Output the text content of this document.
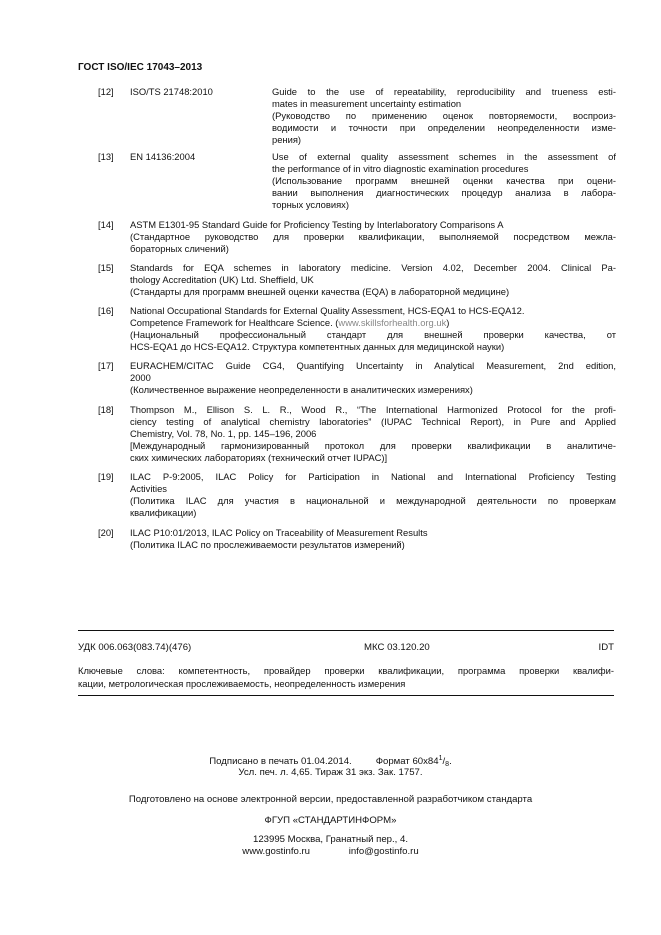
ГОСТ ISO/IEC 17043–2013
[12]	ISO/TS 21748:2010	Guide to the use of repeatability, reproducibility and trueness esti-
mates in measurement uncertainty estimation
(Руководство по применению оценок повторяемости, воспроиз-
водимости и точности при определении неопределенности изме-
рения)
[13]	EN 14136:2004	Use of external quality assessment schemes in the assessment of
the performance of in vitro diagnostic examination procedures
(Использование программ внешней оценки качества при оцени-
вании выполнения диагностических процедур анализа в лабора-
торных условиях)
[14]	ASTM E1301-95 Standard Guide for Proficiency Testing by Interlaboratory Comparisons A
(Стандартное руководство для проверки квалификации, выполняемой посредством межла-
бораторных сличений)
[15]	Standards for EQA schemes in laboratory medicine. Version 4.02, December 2004. Clinical Pa-
thology Accreditation (UK) Ltd. Sheffield, UK
(Стандарты для программ внешней оценки качества (EQA) в лабораторной медицине)
[16]	National Occupational Standards for External Quality Assessment, HCS-EQA1 to HCS-EQA12.
Competence Framework for Healthcare Science. (www.skillsforhealth.org.uk)
(Национальный профессиональный стандарт для внешней проверки качества, от
HCS-EQA1 до HCS-EQA12. Структура компетентных данных для медицинской науки)
[17]	EURACHEM/CITAC Guide CG4, Quantifying Uncertainty in Analytical Measurement, 2nd edition,
2000
(Количественное выражение неопределенности в аналитических измерениях)
[18]	Thompson M., Ellison S. L. R., Wood R., “The International Harmonized Protocol for the profi-
ciency testing of analytical chemistry laboratories” (IUPAC Technical Report), in Pure and Applied
Chemistry, Vol. 78, No. 1, pp. 145–196, 2006
[Международный гармонизированный протокол для проверки квалификации в аналитиче-
ских химических лабораториях (технический отчет IUPAC)]
[19]	ILAC P-9:2005, ILAC Policy for Participation in National and International Proficiency Testing
Activities
(Политика ILAC для участия в национальной и международной деятельности по проверкам
квалификации)
[20]	ILAC P10:01/2013, ILAC Policy on Traceability of Measurement Results
(Политика ILAC по прослеживаемости результатов измерений)
УДК 006.063(083.74)(476)	МКС 03.120.20	IDT
Ключевые слова: компетентность, провайдер проверки квалификации, программа проверки квалифи-
кации, метрологическая прослеживаемость, неопределенность измерения
Подписано в печать 01.04.2014.	Формат $60x84^1/_8$.
Усл. печ. л. 4,65. Тираж 31 экз. Зак. 1757.
Подготовлено на основе электронной версии, предоставленной разработчиком стандарта
ФГУП «СТАНДАРТИНФОРМ»
123995 Москва, Гранатный пер., 4.
www.gostinfo.ru	info@gostinfo.ru
